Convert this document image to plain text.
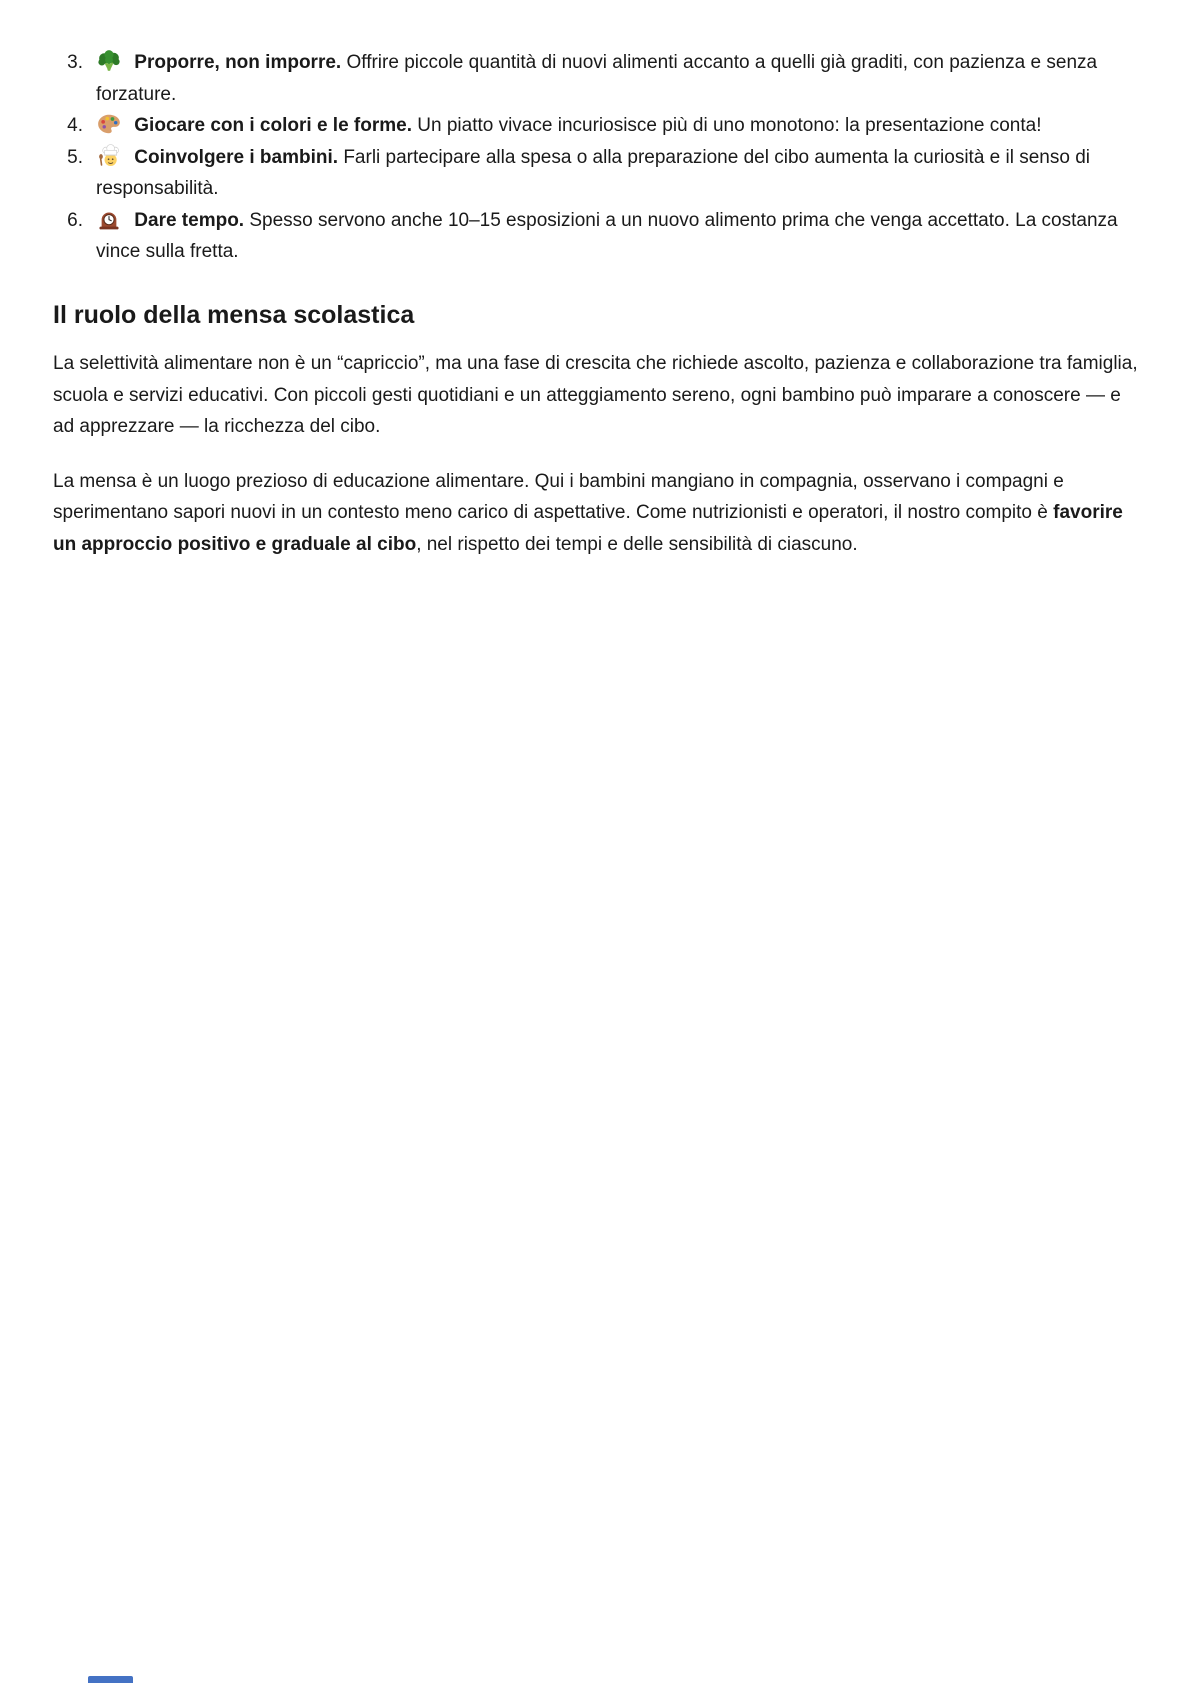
3.	Proporre, non imporre. Offrire piccole quantità di nuovi alimenti accanto a quelli già graditi, con pazienza e senza forzature.
4.	Giocare con i colori e le forme. Un piatto vivace incuriosisce più di uno monotono: la presentazione conta!
5.	Coinvolgere i bambini. Farli partecipare alla spesa o alla preparazione del cibo aumenta la curiosità e il senso di responsabilità.
6.	Dare tempo. Spesso servono anche 10–15 esposizioni a un nuovo alimento prima che venga accettato. La costanza vince sulla fretta.
Il ruolo della mensa scolastica

La selettività alimentare non è un “capriccio”, ma una fase di crescita che richiede ascolto, pazienza e collaborazione tra famiglia, scuola e servizi educativi. Con piccoli gesti quotidiani e un atteggiamento sereno, ogni bambino può imparare a conoscere — e ad apprezzare — la ricchezza del cibo.

La mensa è un luogo prezioso di educazione alimentare. Qui i bambini mangiano in compagnia, osservano i compagni e sperimentano sapori nuovi in un contesto meno carico di aspettative. Come nutrizionisti e operatori, il nostro compito è favorire un approccio positivo e graduale al cibo, nel rispetto dei tempi e delle sensibilità di ciascuno.
